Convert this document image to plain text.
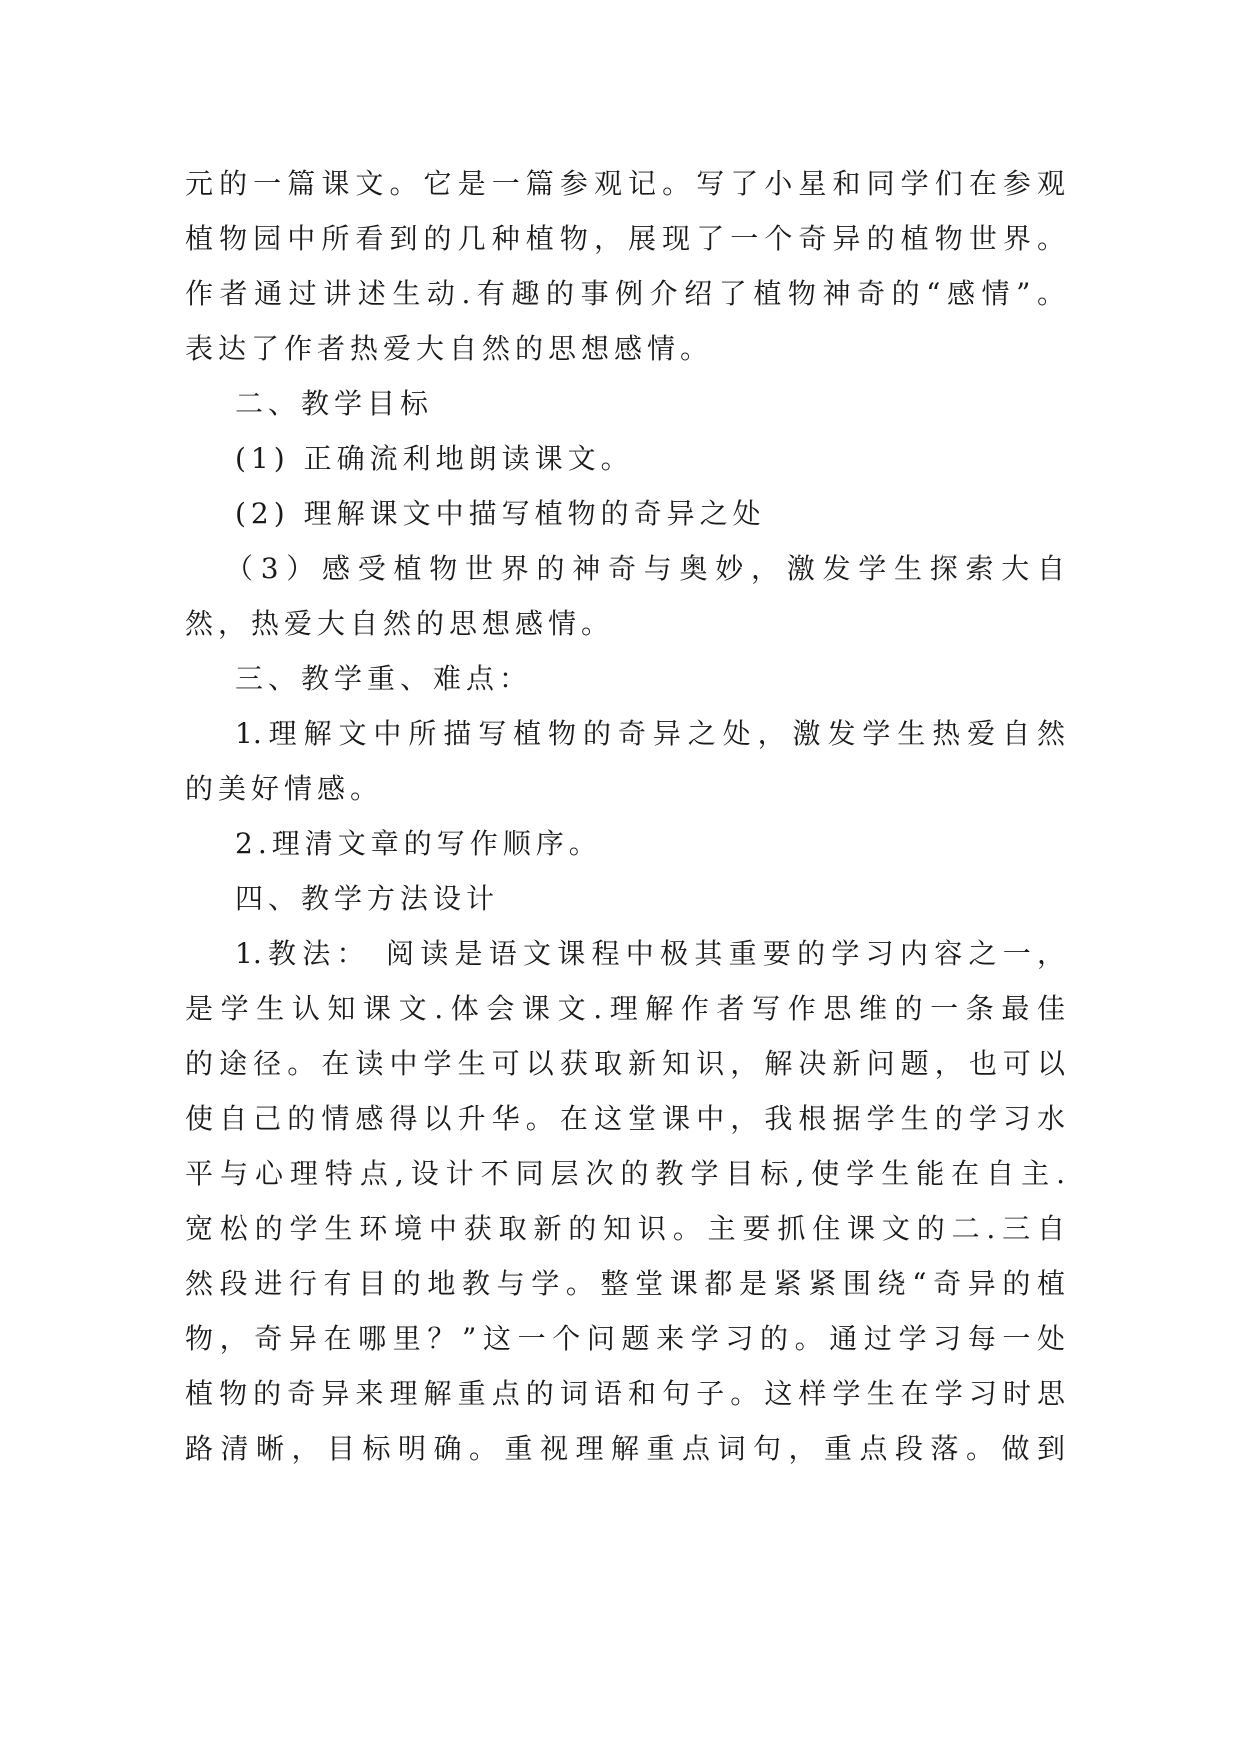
元的一篇课文。它是一篇参观记。写了小星和同学们在参观
植物园中所看到的几种植物，展现了一个奇异的植物世界。
作者通过讲述生动.有趣的事例介绍了植物神奇的“感情”。
表达了作者热爱大自然的思想感情。
二、教学目标
(1) 正确流利地朗读课文。
(2) 理解课文中描写植物的奇异之处
（3）感受植物世界的神奇与奥妙，激发学生探索大自
然，热爱大自然的思想感情。
三、教学重、难点：
1.理解文中所描写植物的奇异之处，激发学生热爱自然
的美好情感。
2.理清文章的写作顺序。
四、教学方法设计
1.教法： 阅读是语文课程中极其重要的学习内容之一，
是学生认知课文.体会课文.理解作者写作思维的一条最佳
的途径。在读中学生可以获取新知识，解决新问题，也可以
使自己的情感得以升华。在这堂课中，我根据学生的学习水
平与心理特点,设计不同层次的教学目标,使学生能在自主.
宽松的学生环境中获取新的知识。主要抓住课文的二.三自
然段进行有目的地教与学。整堂课都是紧紧围绕“奇异的植
物，奇异在哪里？”这一个问题来学习的。通过学习每一处
植物的奇异来理解重点的词语和句子。这样学生在学习时思
路清晰，目标明确。重视理解重点词句，重点段落。做到
